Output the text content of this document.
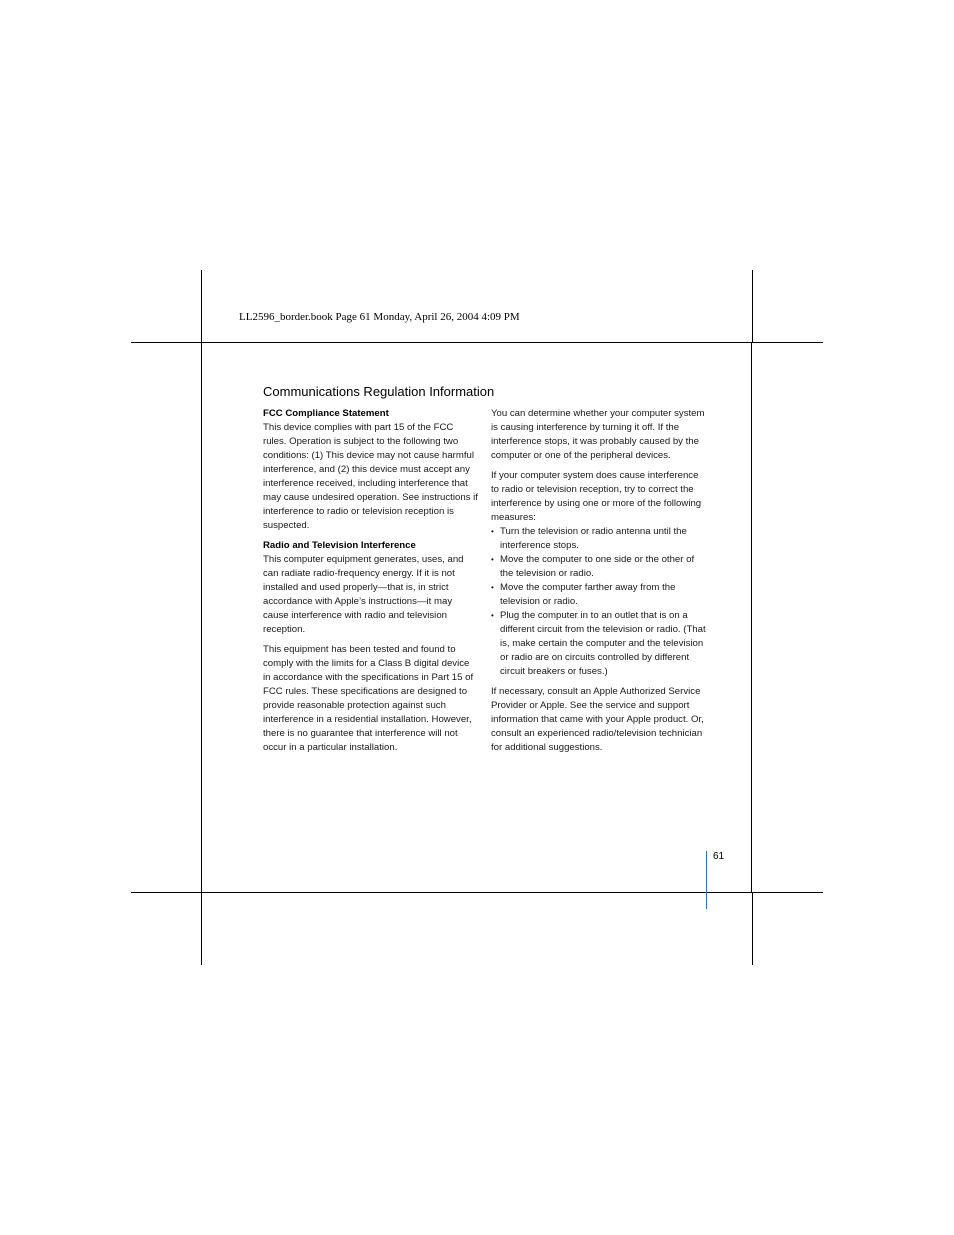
LL2596_border.book Page 61 Monday, April 26, 2004 4:09 PM
Communications Regulation Information

FCC Compliance Statement
This device complies with part 15 of the FCC rules. Operation is subject to the following two conditions: (1) This device may not cause harmful interference, and (2) this device must accept any interference received, including interference that may cause undesired operation. See instructions if interference to radio or television reception is suspected.

Radio and Television Interference
This computer equipment generates, uses, and can radiate radio-frequency energy. If it is not installed and used properly—that is, in strict accordance with Apple’s instructions—it may cause interference with radio and television reception.

This equipment has been tested and found to comply with the limits for a Class B digital device in accordance with the specifications in Part 15 of FCC rules. These specifications are designed to provide reasonable protection against such interference in a residential installation. However, there is no guarantee that interference will not occur in a particular installation.

You can determine whether your computer system is causing interference by turning it off. If the interference stops, it was probably caused by the computer or one of the peripheral devices.

If your computer system does cause interference to radio or television reception, try to correct the interference by using one or more of the following measures:

• Turn the television or radio antenna until the interference stops.
• Move the computer to one side or the other of the television or radio.
• Move the computer farther away from the television or radio.
• Plug the computer in to an outlet that is on a different circuit from the television or radio. (That is, make certain the computer and the television or radio are on circuits controlled by different circuit breakers or fuses.)

If necessary, consult an Apple Authorized Service Provider or Apple. See the service and support information that came with your Apple product. Or, consult an experienced radio/television technician for additional suggestions.

61
